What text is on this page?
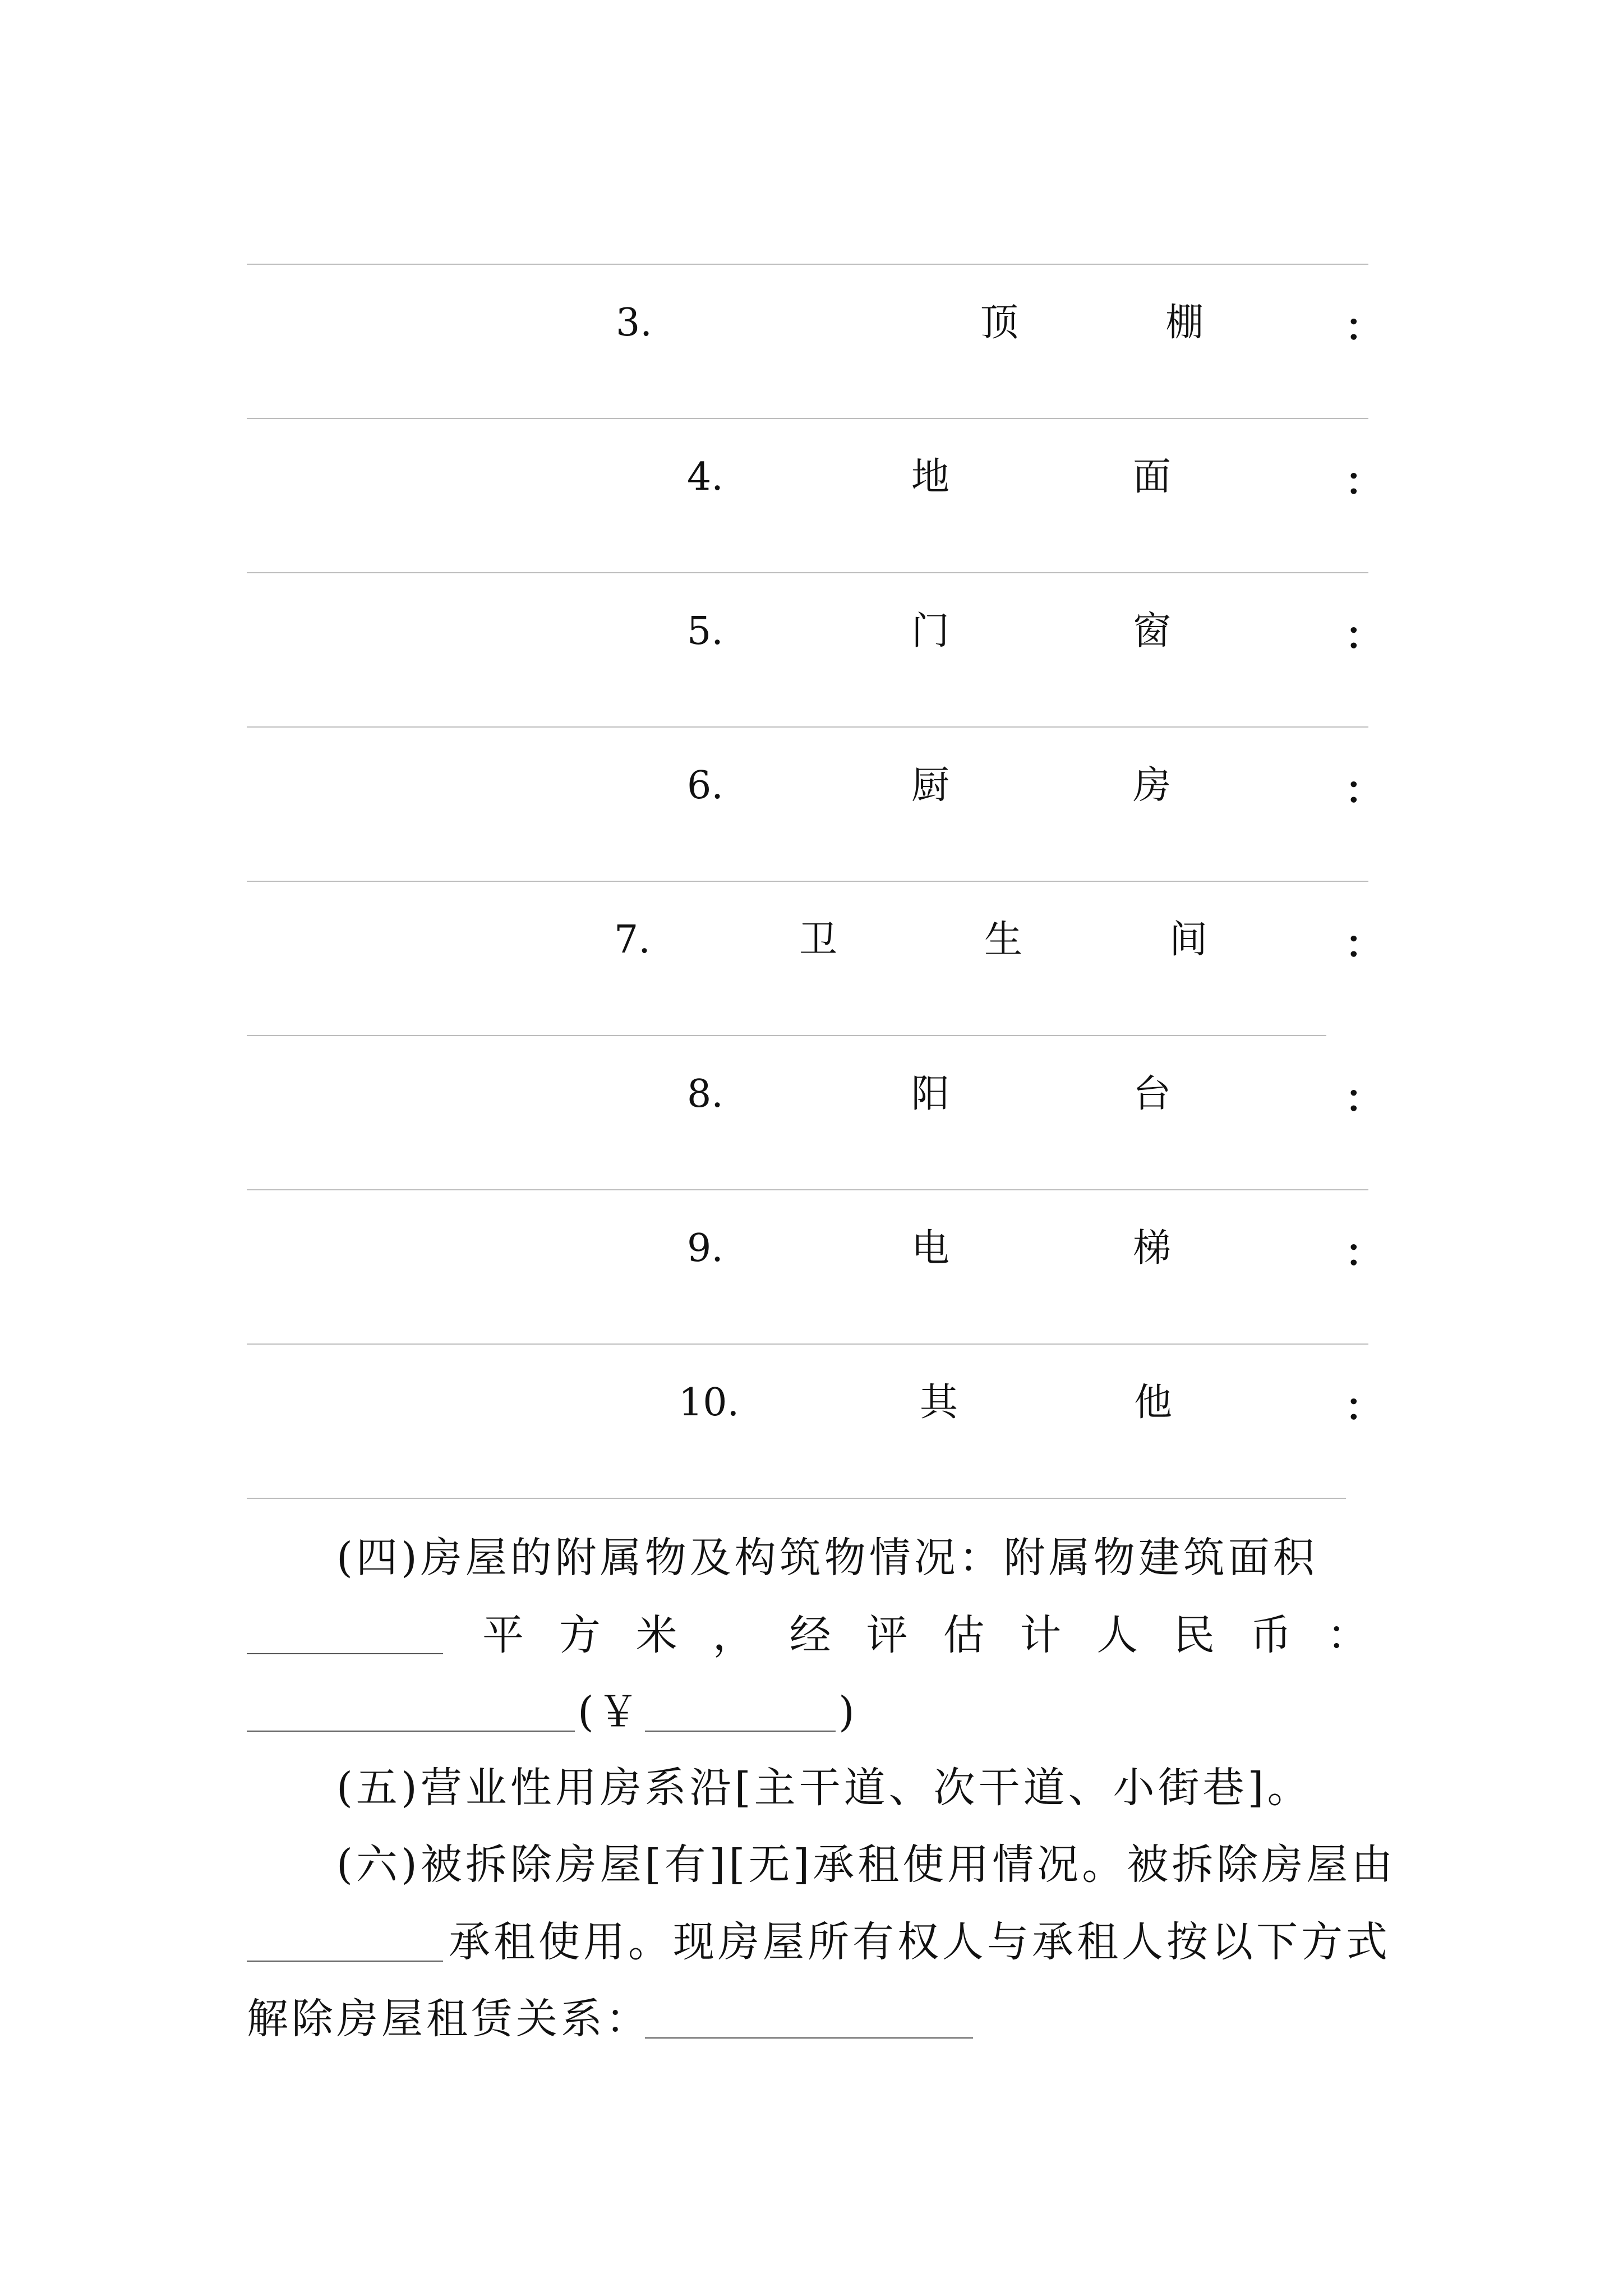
3.	顶	棚	：
4.	地	面	：
5.	门	窗	：
6.	厨	房	：
7.	卫	生	间	：
8.	阳	台	：
9.	电	梯	：
10.	其	他	：
(四)房屋的附属物及构筑物情况：附属物建筑面积
平 方 米 ， 经 评 估 计 人 民 币 ：
(￥	)
(五)营业性用房系沿[主干道、次干道、小街巷]。
(六)被拆除房屋[有][无]承租使用情况。被拆除房屋由
承租使用。现房屋所有权人与承租人按以下方式
解除房屋租赁关系：
